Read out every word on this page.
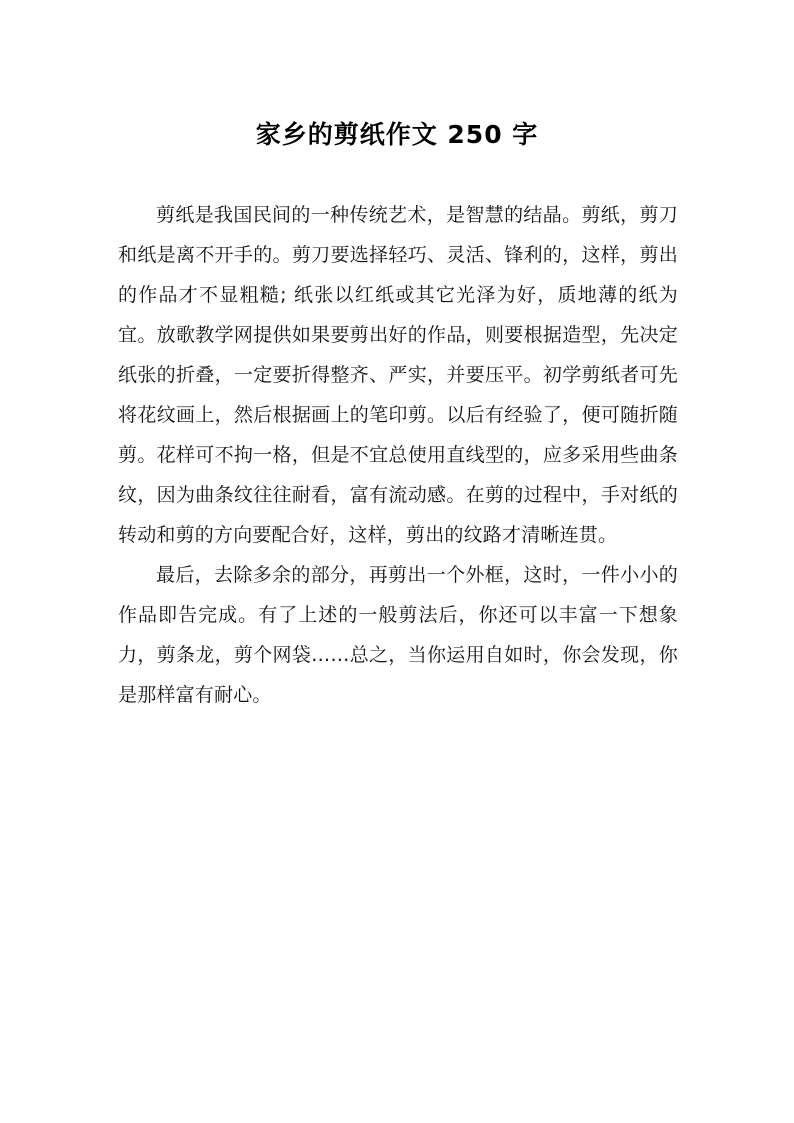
家乡的剪纸作文 250 字

剪纸是我国民间的一种传统艺术，是智慧的结晶。剪纸，剪刀和纸是离不开手的。剪刀要选择轻巧、灵活、锋利的，这样，剪出的作品才不显粗糙; 纸张以红纸或其它光泽为好，质地薄的纸为宜。放歌教学网提供如果要剪出好的作品，则要根据造型，先决定纸张的折叠，一定要折得整齐、严实，并要压平。初学剪纸者可先将花纹画上，然后根据画上的笔印剪。以后有经验了，便可随折随剪。花样可不拘一格，但是不宜总使用直线型的，应多采用些曲条纹，因为曲条纹往往耐看，富有流动感。在剪的过程中，手对纸的转动和剪的方向要配合好，这样，剪出的纹路才清晰连贯。

最后，去除多余的部分，再剪出一个外框，这时，一件小小的作品即告完成。有了上述的一般剪法后，你还可以丰富一下想象力，剪条龙，剪个网袋……总之，当你运用自如时，你会发现，你是那样富有耐心。
